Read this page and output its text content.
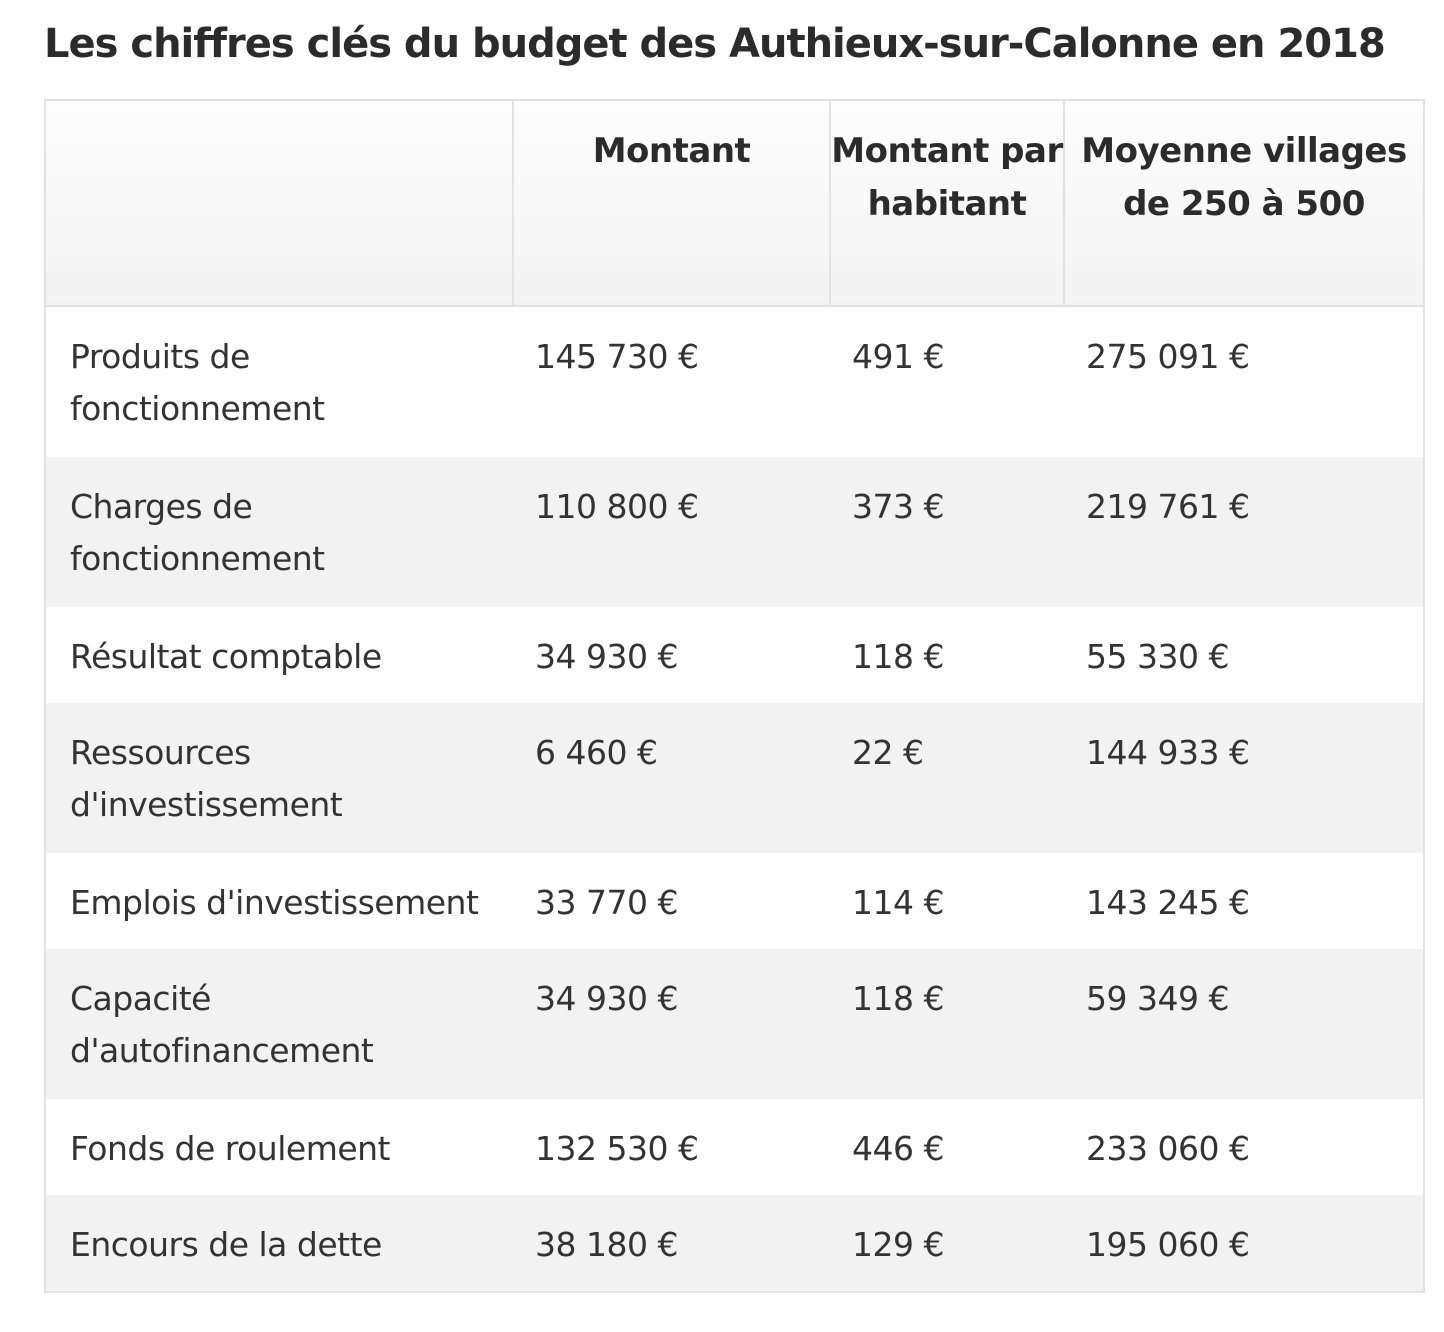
Les chiffres clés du budget des Authieux-sur-Calonne en 2018
	Montant	Montant par habitant	Moyenne villages de 250 à 500
Produits de fonctionnement	145 730 €	491 €	275 091 €
Charges de fonctionnement	110 800 €	373 €	219 761 €
Résultat comptable	34 930 €	118 €	55 330 €
Ressources d'investissement	6 460 €	22 €	144 933 €
Emplois d'investissement	33 770 €	114 €	143 245 €
Capacité d'autofinancement	34 930 €	118 €	59 349 €
Fonds de roulement	132 530 €	446 €	233 060 €
Encours de la dette	38 180 €	129 €	195 060 €
